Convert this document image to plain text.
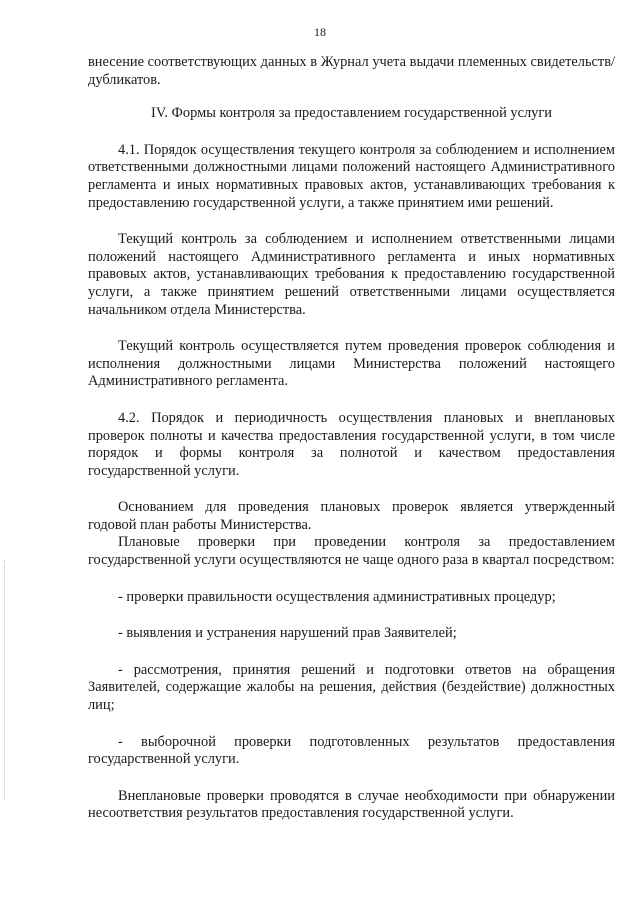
18

внесение соответствующих данных в Журнал учета выдачи племенных свидетельств/дубликатов.

IV. Формы контроля за предоставлением государственной услуги

4.1. Порядок осуществления текущего контроля за соблюдением и исполнением ответственными должностными лицами положений настоящего Административного регламента и иных нормативных правовых актов, устанавливающих требования к предоставлению государственной услуги, а также принятием ими решений.

Текущий контроль за соблюдением и исполнением ответственными лицами положений настоящего Административного регламента и иных нормативных правовых актов, устанавливающих требования к предоставлению государственной услуги, а также принятием решений ответственными лицами осуществляется начальником отдела Министерства.

Текущий контроль осуществляется путем проведения проверок соблюдения и исполнения должностными лицами Министерства положений настоящего Административного регламента.

4.2. Порядок и периодичность осуществления плановых и внеплановых проверок полноты и качества предоставления государственной услуги, в том числе порядок и формы контроля за полнотой и качеством предоставления государственной услуги.

Основанием для проведения плановых проверок является утвержденный годовой план работы Министерства.

Плановые проверки при проведении контроля за предоставлением государственной услуги осуществляются не чаще одного раза в квартал посредством:

- проверки правильности осуществления административных процедур;

- выявления и устранения нарушений прав Заявителей;

- рассмотрения, принятия решений и подготовки ответов на обращения Заявителей, содержащие жалобы на решения, действия (бездействие) должностных лиц;

- выборочной проверки подготовленных результатов предоставления государственной услуги.

Внеплановые проверки проводятся в случае необходимости при обнаружении несоответствия результатов предоставления государственной услуги.
